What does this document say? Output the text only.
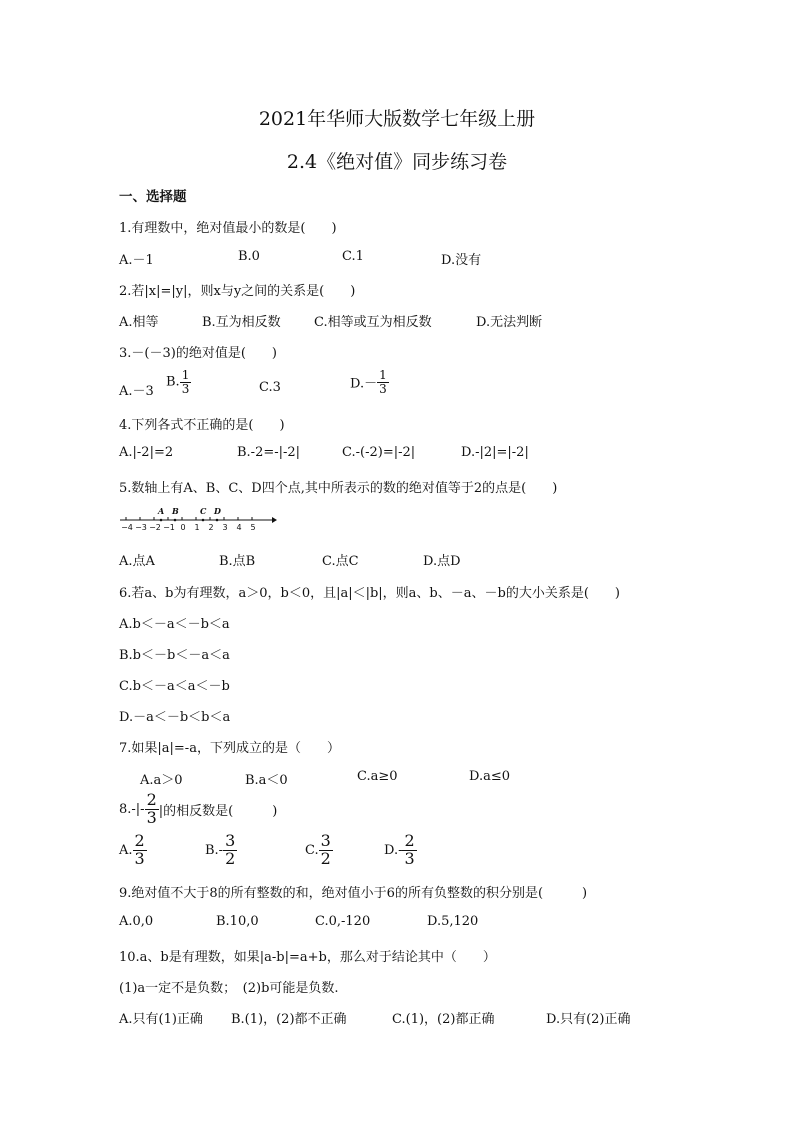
2021年华师大版数学七年级上册
2.4《绝对值》同步练习卷
一、选择题
1.有理数中，绝对值最小的数是(　　)
A.－1	B.0	C.1	D.没有
2.若|x|=|y|，则x与y之间的关系是(　　)
A.相等	B.互为相反数	C.相等或互为相反数	D.无法判断
3.－(－3)的绝对值是(　　)
A.－3
B. $\frac{1}{3}$	C.3	$D.- \frac{1}{3}$
4.下列各式不正确的是(　　)
A.|-2|=2	B.-2=-|-2|	C.-(-2)=|-2|	D.-|2|=|-2|
5.数轴上有A、B、C、D四个点,其中所表示的数的绝对值等于2的点是(　　)
−4 −3 −2 −1 0	1	2	3	4	5
A B	C D
A.点A	B.点B	C.点C	D.点D
6.若a、b为有理数，a＞0，b＜0，且|a|＜|b|，则a、b、－a、－b的大小关系是(　　)
A.b＜－a＜－b＜a
B.b＜－b＜－a＜a
C.b＜－a＜a＜－b
D.－a＜－b＜b＜a
7.如果|a|=-a，下列成立的是（　　）
A.a＞0	B.a＜0	C.a≥0	D.a≤0
$8.-|- \frac{2}{3}$ |的相反数是(　　　)
A. $\frac{2}{3}$	$B.- \frac{3}{2}$	C. $\frac{3}{2}$	$D.- \frac{2}{3}$
9.绝对值不大于8的所有整数的和，绝对值小于6的所有负整数的积分别是(　　　)
A.0,0	B.10,0	C.0,-120	D.5,120
10.a、b是有理数，如果|a-b|=a+b，那么对于结论其中（　　）
(1)a一定不是负数；　(2)b可能是负数.
A.只有(1)正确 B.(1)，(2)都不正确	C.(1)，(2)都正确	D.只有(2)正确
